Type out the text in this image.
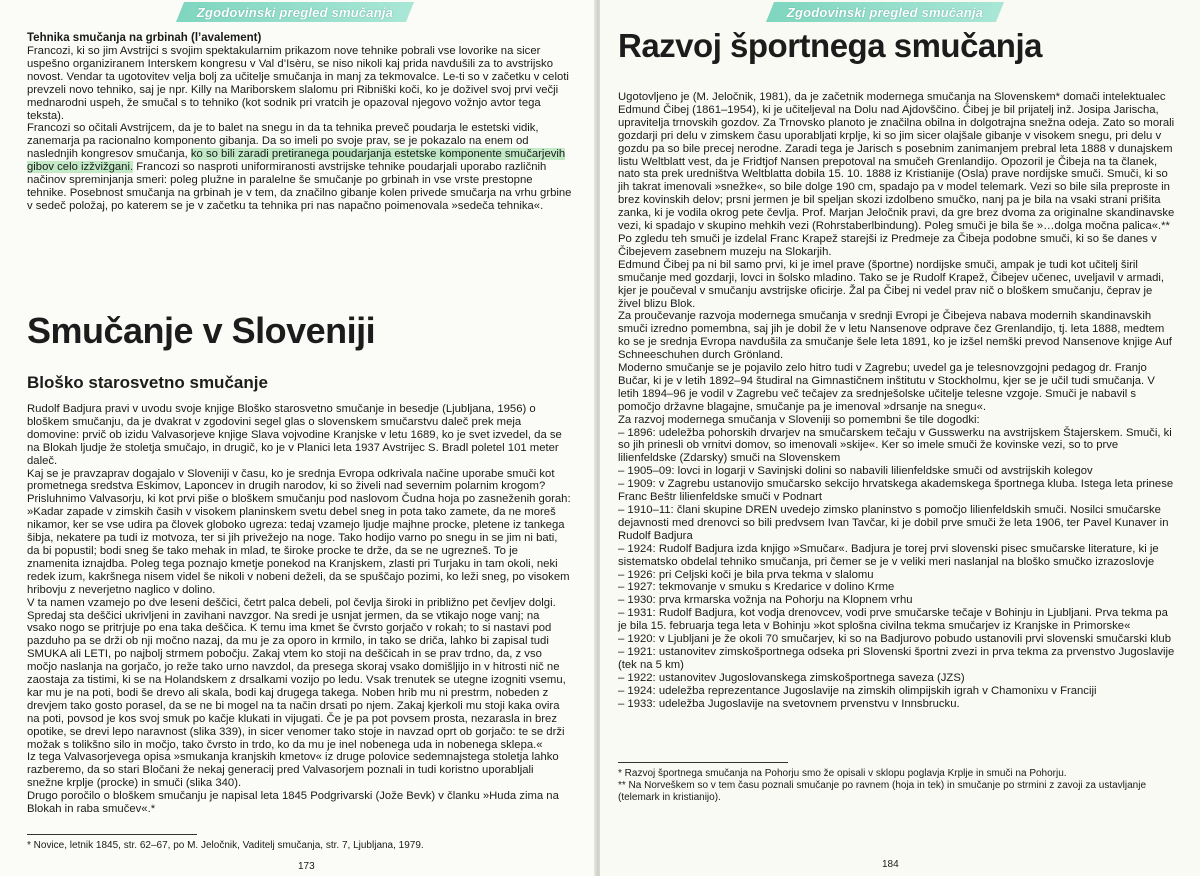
Zgodovinski pregled smučanja

Tehnika smučanja na grbinah (l’avalement)

Francozi, ki so jim Avstrijci s svojim spektakularnim prikazom nove tehnike pobrali vse lovorike na sicer uspešno organiziranem Interskem kongresu v Val d’Isèru, se niso nikoli kaj prida navdušili za to avstrijsko novost. Vendar ta ugotovitev velja bolj za učitelje smučanja in manj za tekmovalce. Le-ti so v začetku v celoti prevzeli novo tehniko, saj je npr. Killy na Mariborskem slalomu pri Ribniški koči, ko je doživel svoj prvi večji mednarodni uspeh, že smučal s to tehniko (kot sodnik pri vratcih je opazoval njegovo vožnjo avtor tega teksta).

Francozi so očitali Avstrijcem, da je to balet na snegu in da ta tehnika preveč poudarja le estetski vidik, zanemarja pa racionalno komponento gibanja. Da so imeli po svoje prav, se je pokazalo na enem od naslednjih kongresov smučanja, ko so bili zaradi pretiranega poudarjanja estetske komponente smučarjevih gibov celo izžvižgani. Francozi so nasproti uniformiranosti avstrijske tehnike poudarjali uporabo različnih načinov spreminjanja smeri: poleg plužne in paralelne še smučanje po grbinah in vse vrste prestopne tehnike. Posebnost smučanja na grbinah je v tem, da značilno gibanje kolen privede smučarja na vrhu grbine v sedeč položaj, po katerem se je v začetku ta tehnika pri nas napačno poimenovala »sedeča tehnika«.

Smučanje v Sloveniji
Bloško starosvetno smučanje

Rudolf Badjura pravi v uvodu svoje knjige Bloško starosvetno smučanje in besedje (Ljubljana, 1956) o bloškem smučanju, da je dvakrat v zgodovini segel glas o slovenskem smučarstvu daleč prek meja domovine: prvič ob izidu Valvasorjeve knjige Slava vojvodine Kranjske v letu 1689, ko je svet izvedel, da se na Blokah ljudje že stoletja smučajo, in drugič, ko je v Planici leta 1937 Avstrijec S. Bradl poletel 101 meter daleč.

Kaj se je pravzaprav dogajalo v Sloveniji v času, ko je srednja Evropa odkrivala načine uporabe smuči kot prometnega sredstva Eskimov, Laponcev in drugih narodov, ki so živeli nad severnim polarnim krogom? Prisluhnimo Valvasorju, ki kot prvi piše o bloškem smučanju pod naslovom Čudna hoja po zasneženih gorah: »Kadar zapade v zimskih časih v visokem planinskem svetu debel sneg in pota tako zamete, da ne moreš nikamor, ker se vse udira pa človek globoko ugreza: tedaj vzamejo ljudje majhne procke, pletene iz tankega šibja, nekatere pa tudi iz motvoza, ter si jih privežejo na noge. Tako hodijo varno po snegu in se jim ni bati, da bi popustil; bodi sneg še tako mehak in mlad, te široke procke te drže, da se ne ugrezneš. To je znamenita iznajdba. Poleg tega poznajo kmetje ponekod na Kranjskem, zlasti pri Turjaku in tam okoli, neki redek izum, kakršnega nisem videl še nikoli v nobeni deželi, da se spuščajo pozimi, ko leži sneg, po visokem hribovju z neverjetno naglico v dolino.

V ta namen vzamejo po dve leseni deščici, četrt palca debeli, pol čevlja široki in približno pet čevljev dolgi. Spredaj sta deščici ukrivljeni in zavihani navzgor. Na sredi je usnjat jermen, da se vtikajo noge vanj; na vsako nogo se pritrjuje po ena taka deščica. K temu ima kmet še čvrsto gorjačo v rokah; to si nastavi pod pazduho pa se drži ob nji močno nazaj, da mu je za oporo in krmilo, in tako se driča, lahko bi zapisal tudi SMUKA ali LETI, po najbolj strmem pobočju. Zakaj vtem ko stoji na deščicah in se prav trdno, da, z vso močjo naslanja na gorjačo, jo reže tako urno navzdol, da presega skoraj vsako domišljijo in v hitrosti nič ne zaostaja za tistimi, ki se na Holandskem z drsalkami vozijo po ledu. Vsak trenutek se utegne izogniti vsemu, kar mu je na poti, bodi še drevo ali skala, bodi kaj drugega takega. Noben hrib mu ni prestrm, nobeden z drevjem tako gosto porasel, da se ne bi mogel na ta način drsati po njem. Zakaj kjerkoli mu stoji kaka ovira na poti, povsod je kos svoj smuk po kačje klukati in vijugati. Če je pa pot povsem prosta, nezarasla in brez opotike, se drevi lepo naravnost (slika 339), in sicer venomer tako stoje in navzad oprt ob gorjačo: te se drži možak s tolikšno silo in močjo, tako čvrsto in trdo, ko da mu je inel nobenega uda in nobenega sklepa.«

Iz tega Valvasorjevega opisa »smukanja kranjskih kmetov« iz druge polovice sedemnajstega stoletja lahko razberemo, da so stari Bločani že nekaj generacij pred Valvasorjem poznali in tudi koristno uporabljali snežne krplje (procke) in smuči (slika 340).

Drugo poročilo o bloškem smučanju je napisal leta 1845 Podgrivarski (Jože Bevk) v članku »Huda zima na Blokah in raba smučev«.*

* Novice, letnik 1845, str. 62–67, po M. Jeločnik, Vaditelj smučanja, str. 7, Ljubljana, 1979.

173
Zgodovinski pregled smučanja
Razvoj športnega smučanja

Ugotovljeno je (M. Jeločnik, 1981), da je začetnik modernega smučanja na Slovenskem* domači intelektualec Edmund Čibej (1861–1954), ki je učiteljeval na Dolu nad Ajdovščino. Čibej je bil prijatelj inž. Josipa Jarischa, upravitelja trnovskih gozdov. Za Trnovsko planoto je značilna obilna in dolgotrajna snežna odeja. Zato so morali gozdarji pri delu v zimskem času uporabljati krplje, ki so jim sicer olajšale gibanje v visokem snegu, pri delu v gozdu pa so bile precej nerodne. Zaradi tega je Jarisch s posebnim zanimanjem prebral leta 1888 v dunajskem listu Weltblatt vest, da je Fridtjof Nansen prepotoval na smučeh Grenlandijo. Opozoril je Čibeja na ta članek, nato sta prek uredništva Weltblatta dobila 15. 10. 1888 iz Kristianije (Osla) prave nordijske smuči. Smuči, ki so jih takrat imenovali »snežke«, so bile dolge 190 cm, spadajo pa v model telemark. Vezi so bile sila preproste in brez kovinskih delov; prsni jermen je bil speljan skozi izdolbeno smučko, nanj pa je bila na vsaki strani prišita zanka, ki je vodila okrog pete čevlja. Prof. Marjan Jeločnik pravi, da gre brez dvoma za originalne skandinavske vezi, ki spadajo v skupino mehkih vezi (Rohrstaberlbindung). Poleg smuči je bila še »…dolga močna palica«.** Po zgledu teh smuči je izdelal Franc Krapež starejši iz Predmeje za Čibeja podobne smuči, ki so še danes v Čibejevem zasebnem muzeju na Slokarjih.

Edmund Čibej pa ni bil samo prvi, ki je imel prave (športne) nordijske smuči, ampak je tudi kot učitelj širil smučanje med gozdarji, lovci in šolsko mladino. Tako se je Rudolf Krapež, Čibejev učenec, uveljavil v armadi, kjer je poučeval v smučanju avstrijske oficirje. Žal pa Čibej ni vedel prav nič o bloškem smučanju, čeprav je živel blizu Blok.

Za proučevanje razvoja modernega smučanja v srednji Evropi je Čibejeva nabava modernih skandinavskih smuči izredno pomembna, saj jih je dobil že v letu Nansenove odprave čez Grenlandijo, tj. leta 1888, medtem ko se je srednja Evropa navdušila za smučanje šele leta 1891, ko je izšel nemški prevod Nansenove knjige Auf Schneeschuhen durch Grönland.

Moderno smučanje se je pojavilo zelo hitro tudi v Zagrebu; uvedel ga je telesnovzgojni pedagog dr. Franjo Bučar, ki je v letih 1892–94 študiral na Gimnastičnem inštitutu v Stockholmu, kjer se je učil tudi smučanja. V letih 1894–96 je vodil v Zagrebu več tečajev za srednješolske učitelje telesne vzgoje. Smuči je nabavil s pomočjo državne blagajne, smučanje pa je imenoval »drsanje na snegu«.

Za razvoj modernega smučanja v Sloveniji so pomembni še tile dogodki:

– 1896: udeležba pohorskih drvarjev na smučarskem tečaju v Gusswerku na avstrijskem Štajerskem. Smuči, ki so jih prinesli ob vrnitvi domov, so imenovali »skije«. Ker so imele smuči že kovinske vezi, so to prve lilienfeldske (Zdarsky) smuči na Slovenskem

– 1905–09: lovci in logarji v Savinjski dolini so nabavili lilienfeldske smuči od avstrijskih kolegov

– 1909: v Zagrebu ustanovijo smučarsko sekcijo hrvatskega akademskega športnega kluba. Istega leta prinese Franc Beštr lilienfeldske smuči v Podnart

– 1910–11: člani skupine DREN uvedejo zimsko planinstvo s pomočjo lilienfeldskih smuči. Nosilci smučarske dejavnosti med drenovci so bili predvsem Ivan Tavčar, ki je dobil prve smuči že leta 1906, ter Pavel Kunaver in Rudolf Badjura

– 1924: Rudolf Badjura izda knjigo »Smučar«. Badjura je torej prvi slovenski pisec smučarske literature, ki je sistematsko obdelal tehniko smučanja, pri čemer se je v veliki meri naslanjal na bloško smučko izrazoslovje

– 1926: pri Celjski koči je bila prva tekma v slalomu

– 1927: tekmovanje v smuku s Kredarice v dolino Krme

– 1930: prva krmarska vožnja na Pohorju na Klopnem vrhu

– 1931: Rudolf Badjura, kot vodja drenovcev, vodi prve smučarske tečaje v Bohinju in Ljubljani. Prva tekma pa je bila 15. februarja tega leta v Bohinju »kot splošna civilna tekma smučarjev iz Kranjske in Primorske«

– 1920: v Ljubljani je že okoli 70 smučarjev, ki so na Badjurovo pobudo ustanovili prvi slovenski smučarski klub

– 1921: ustanovitev zimskošportnega odseka pri Slovenski športni zvezi in prva tekma za prvenstvo Jugoslavije (tek na 5 km)

– 1922: ustanovitev Jugoslovanskega zimskošportnega saveza (JZS)

– 1924: udeležba reprezentance Jugoslavije na zimskih olimpijskih igrah v Chamonixu v Franciji

– 1933: udeležba Jugoslavije na svetovnem prvenstvu v Innsbrucku.

* Razvoj športnega smučanja na Pohorju smo že opisali v sklopu poglavja Krplje in smuči na Pohorju.

** Na Norveškem so v tem času poznali smučanje po ravnem (hoja in tek) in smučanje po strmini z zavoji za ustavljanje (telemark in kristianijo).

184
